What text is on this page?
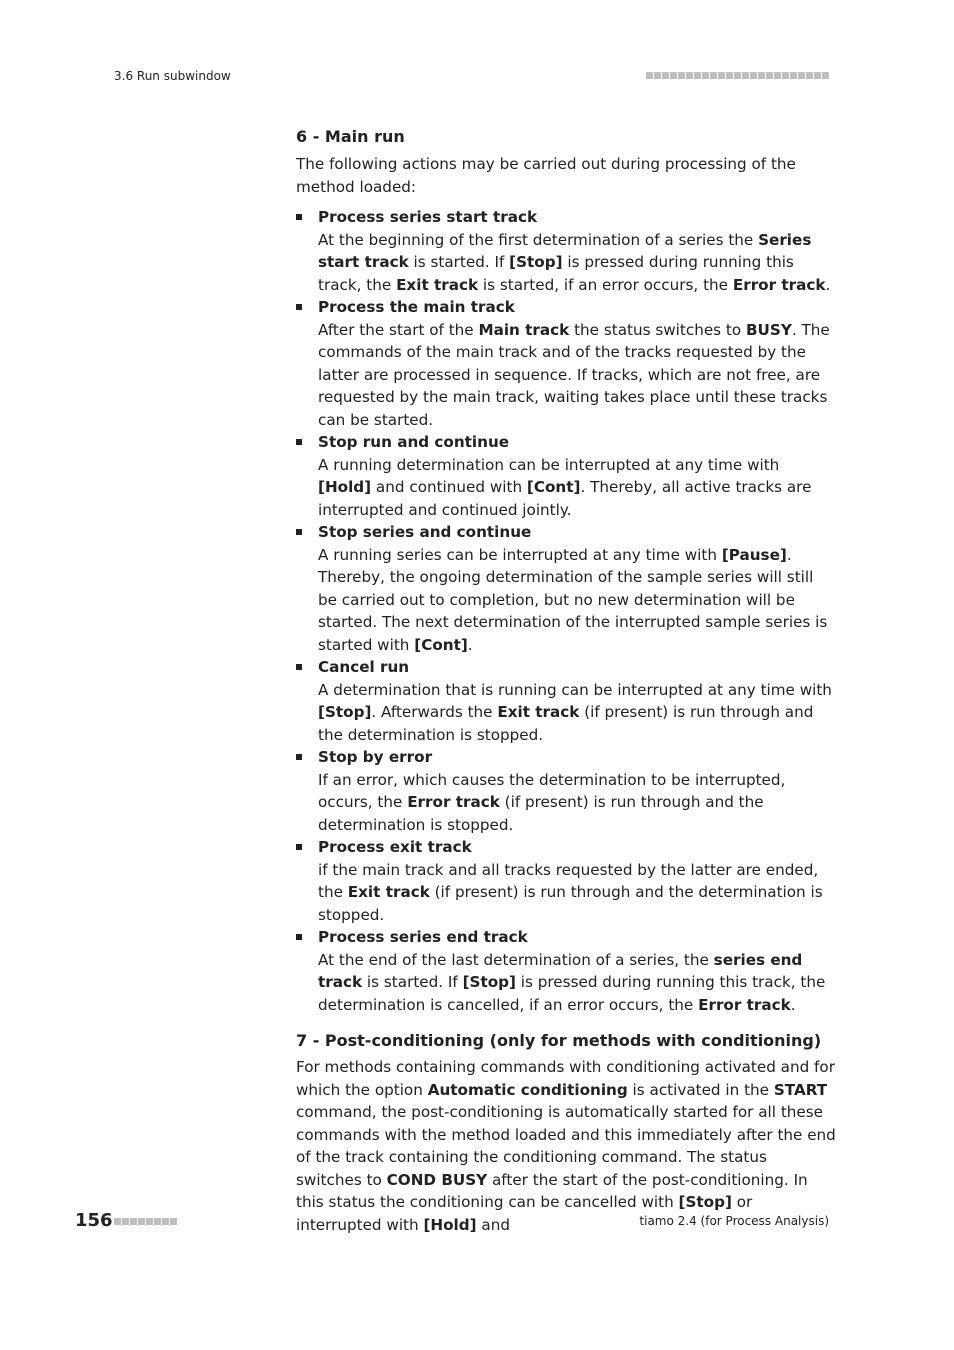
3.6 Run subwindow
6 - Main run

The following actions may be carried out during processing of the method loaded:

Process series start track
At the beginning of the first determination of a series the Series start track is started. If [Stop] is pressed during running this track, the Exit track is started, if an error occurs, the Error track.
Process the main track
After the start of the Main track the status switches to BUSY. The commands of the main track and of the tracks requested by the latter are processed in sequence. If tracks, which are not free, are requested by the main track, waiting takes place until these tracks can be started.
Stop run and continue
A running determination can be interrupted at any time with [Hold] and continued with [Cont]. Thereby, all active tracks are interrupted and continued jointly.
Stop series and continue
A running series can be interrupted at any time with [Pause]. Thereby, the ongoing determination of the sample series will still be carried out to completion, but no new determination will be started. The next determination of the interrupted sample series is started with [Cont].
Cancel run
A determination that is running can be interrupted at any time with [Stop]. Afterwards the Exit track (if present) is run through and the determination is stopped.
Stop by error
If an error, which causes the determination to be interrupted, occurs, the Error track (if present) is run through and the determination is stopped.
Process exit track
if the main track and all tracks requested by the latter are ended, the Exit track (if present) is run through and the determination is stopped.
Process series end track
At the end of the last determination of a series, the series end track is started. If [Stop] is pressed during running this track, the determination is cancelled, if an error occurs, the Error track.
7 - Post-conditioning (only for methods with conditioning)

For methods containing commands with conditioning activated and for which the option Automatic conditioning is activated in the START command, the post-conditioning is automatically started for all these commands with the method loaded and this immediately after the end of the track containing the conditioning command. The status switches to COND BUSY after the start of the post-conditioning. In this status the conditioning can be cancelled with [Stop] or interrupted with [Hold] and

156	tiamo 2.4 (for Process Analysis)
